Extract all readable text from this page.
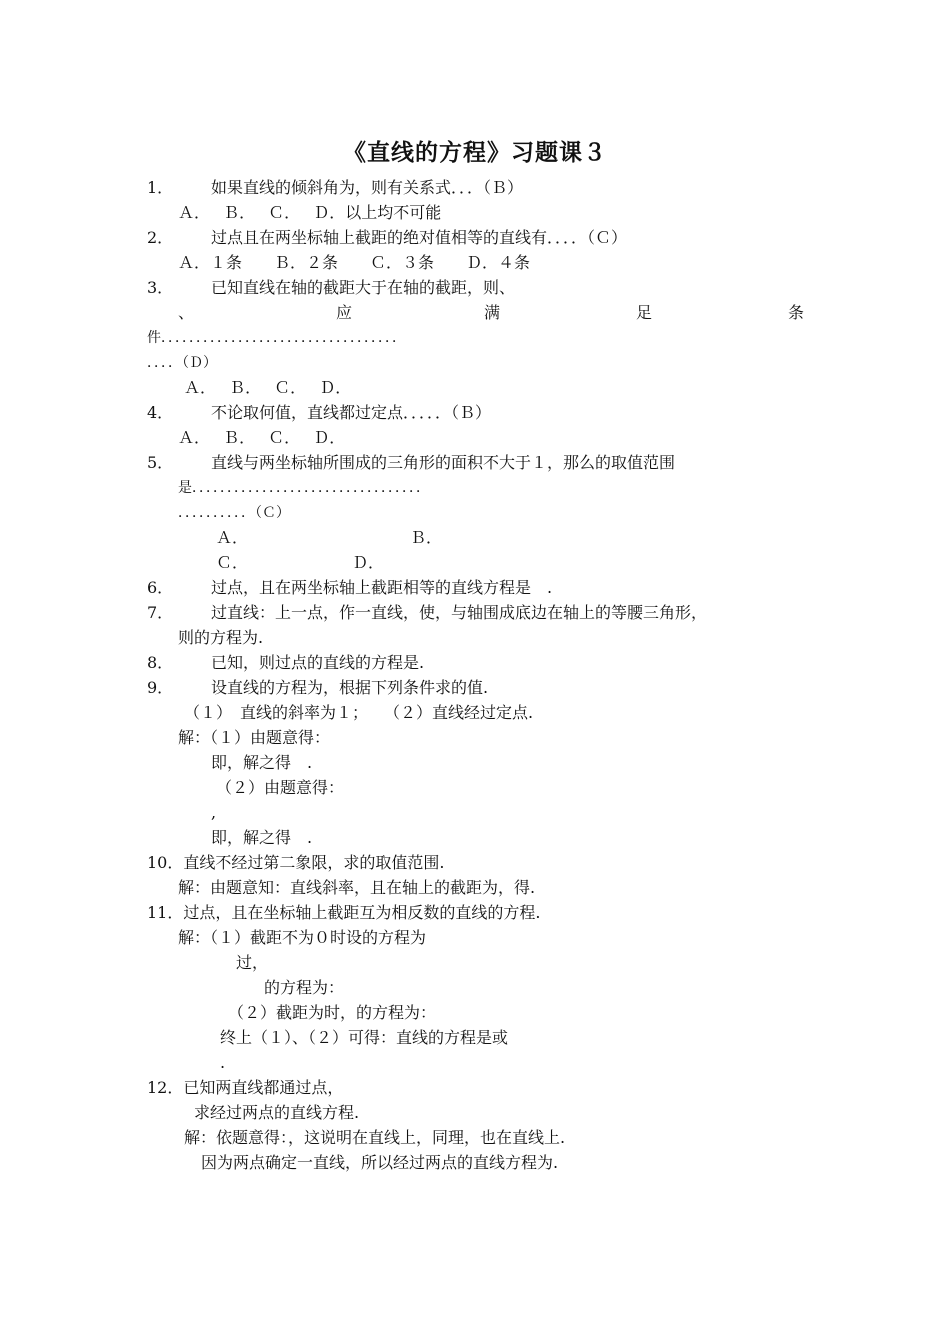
《直线的方程》习题课３
1． 如果直线的倾斜角为，则有关系式．．．（Ｂ）
Ａ．　 Ｂ．　 Ｃ．　 Ｄ．以上均不可能
2． 过点且在两坐标轴上截距的绝对值相等的直线有．．．．（Ｃ）
Ａ．１条　　Ｂ．２条　　Ｃ．３条　　Ｄ．４条
3． 已知直线在轴的截距大于在轴的截距，则、
、	应	满	足	条
件．．．．．．．．．．．．．．．．．．．．．．．．．．．．．．．．．．
．．．．（Ｄ）
Ａ．　 Ｂ．　 Ｃ．　 Ｄ．
4． 不论取何值，直线都过定点．．．．．（Ｂ）
Ａ．　 Ｂ．　 Ｃ．　 Ｄ．
5． 直线与两坐标轴所围成的三角形的面积不大于１，那么的取值范围
是．．．．．．．．．．．．．．．．．．．．．．．．．．．．．．．．．
．．．．．．．．．．（Ｃ）
Ａ．	Ｂ．
Ｃ．	Ｄ．
6． 过点，且在两坐标轴上截距相等的直线方程是　.
7． 过直线：上一点，作一直线，使，与轴围成底边在轴上的等腰三角形，
则的方程为.
8． 已知，则过点的直线的方程是.
9． 设直线的方程为，根据下列条件求的值.
（１）　直线的斜率为１；　　（２）直线经过定点.
解：（１）由题意得：
即，解之得　.
（２）由题意得：
,
即，解之得　.
10．直线不经过第二象限，求的取值范围.
解：由题意知：直线斜率，且在轴上的截距为，得.
11．过点，且在坐标轴上截距互为相反数的直线的方程.
解：（１）截距不为０时设的方程为
过，
的方程为：
（２）截距为时，的方程为：
终上（１）、（２）可得：直线的方程是或
.
12．已知两直线都通过点，
求经过两点的直线方程.
解：依题意得：，这说明在直线上，同理，也在直线上.
因为两点确定一直线，所以经过两点的直线方程为.
